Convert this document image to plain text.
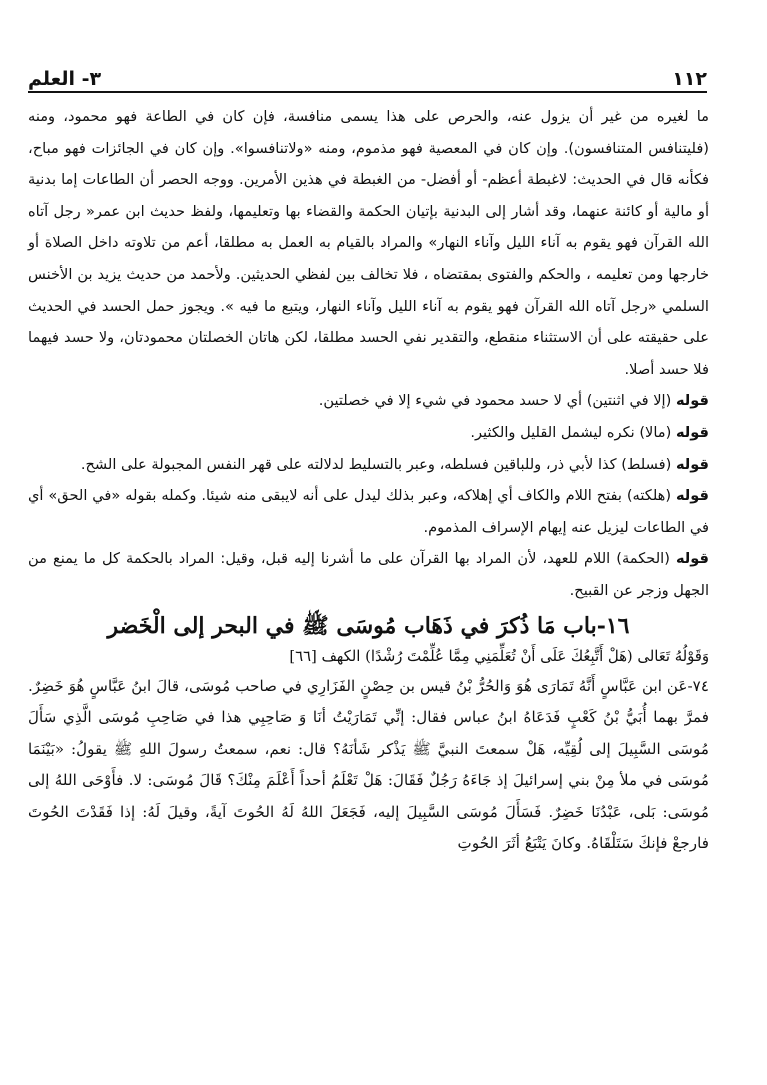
١١٢
٣- العلم

ما لغيره من غير أن يزول عنه، والحرص على هذا يسمى منافسة، فإن كان في الطاعة فهو محمود، ومنه (فليتنافس المتنافسون). وإن كان في المعصية فهو مذموم، ومنه «ولاتنافسوا». وإن كان في الجائزات فهو مباح، فكأنه قال في الحديث: لاغبطة أعظم- أو أفضل- من الغبطة في هذين الأمرين. ووجه الحصر أن الطاعات إما بدنية أو مالية أو كائنة عنهما، وقد أشار إلى البدنية بإتيان الحكمة والقضاء بها وتعليمها، ولفظ حديث ابن عمر« رجل آتاه الله القرآن فهو يقوم به آناء الليل وآناء النهار» والمراد بالقيام به العمل به مطلقا، أعم من تلاوته داخل الصلاة أو خارجها ومن تعليمه ، والحكم والفتوى بمقتضاه ، فلا تخالف بين لفظي الحديثين. ولأحمد من حديث يزيد بن الأخنس السلمي «رجل آتاه الله القرآن فهو يقوم به آناء الليل وآناء النهار، ويتبع ما فيه ». ويجوز حمل الحسد في الحديث على حقيقته على أن الاستثناء منقطع، والتقدير نفي الحسد مطلقا، لكن هاتان الخصلتان محمودتان، ولا حسد فيهما فلا حسد أصلا.

قوله (إلا في اثنتين) أي لا حسد محمود في شيء إلا في خصلتين.

قوله (مالا) نكره ليشمل القليل والكثير.

قوله (فسلط) كذا لأبي ذر، وللباقين فسلطه، وعبر بالتسليط لدلالته على قهر النفس المجبولة على الشح.

قوله (هلكته) بفتح اللام والكاف أي إهلاكه، وعبر بذلك ليدل على أنه لايبقى منه شيئا. وكمله بقوله «في الحق» أي في الطاعات ليزيل عنه إيهام الإسراف المذموم.

قوله (الحكمة) اللام للعهد، لأن المراد بها القرآن على ما أشرنا إليه قبل، وقيل: المراد بالحكمة كل ما يمنع من الجهل وزجر عن القبيح.

١٦-باب مَا ذُكرَ في ذَهَاب مُوسَى ﷺ في البحر إلى الْخَضر

وَقَوْلُهُ تَعَالى (هَلْ أَتَّبِعُكَ عَلَى أَنْ تُعَلِّمَنِي مِمَّا عُلِّمْتَ رُشْدًا) الكهف [٦٦]

٧٤-عَن ابن عَبَّاسٍ أَنَّهُ تَمَارَى هُوَ وَالحُرُّ بْنُ قيس بن حِصْنٍ الفَزَارِي في صاحب مُوسَى، قالَ ابنُ عَبَّاسٍ هُوَ خَضِرٌ. فمرَّ بهما أُبَيُّ بْنُ كَعْبٍ فَدَعَاهُ ابنُ عباس فقال: إنِّي تَمَارَيْتُ أنَا وَ صَاحِبِي هذا في صَاحِبِ مُوسَى الَّذِي سَأَلَ مُوسَى السَّبِيلَ إلى لُقِيِّه، هَلْ سمعتَ النبيَّ ﷺ يَذْكر شَأنَهُ؟ قال: نعم، سمعتُ رسولَ اللهِ ﷺ يقولُ: «بَيْنَمَا مُوسَى في ملأ مِنْ بني إسرائيلَ إذ جَاءَهُ رَجُلٌ فَقَالَ: هَلْ تَعْلَمُ أحداً أَعْلَمَ مِنْكَ؟ قَالَ مُوسَى: لا. فأَوْحَى اللهُ إلى مُوسَى: بَلى، عَبْدُنَا خَضِرٌ. فَسَأَلَ مُوسَى السَّبِيلَ إليه، فَجَعَلَ اللهُ لَهُ الحُوتَ آيةً، وقيلَ لَهُ: إذا فَقَدْتَ الحُوتَ فارجعْ فإنكَ سَتَلْقَاهُ. وكانَ يَتْبَعُ أثَرَ الحُوتِ
